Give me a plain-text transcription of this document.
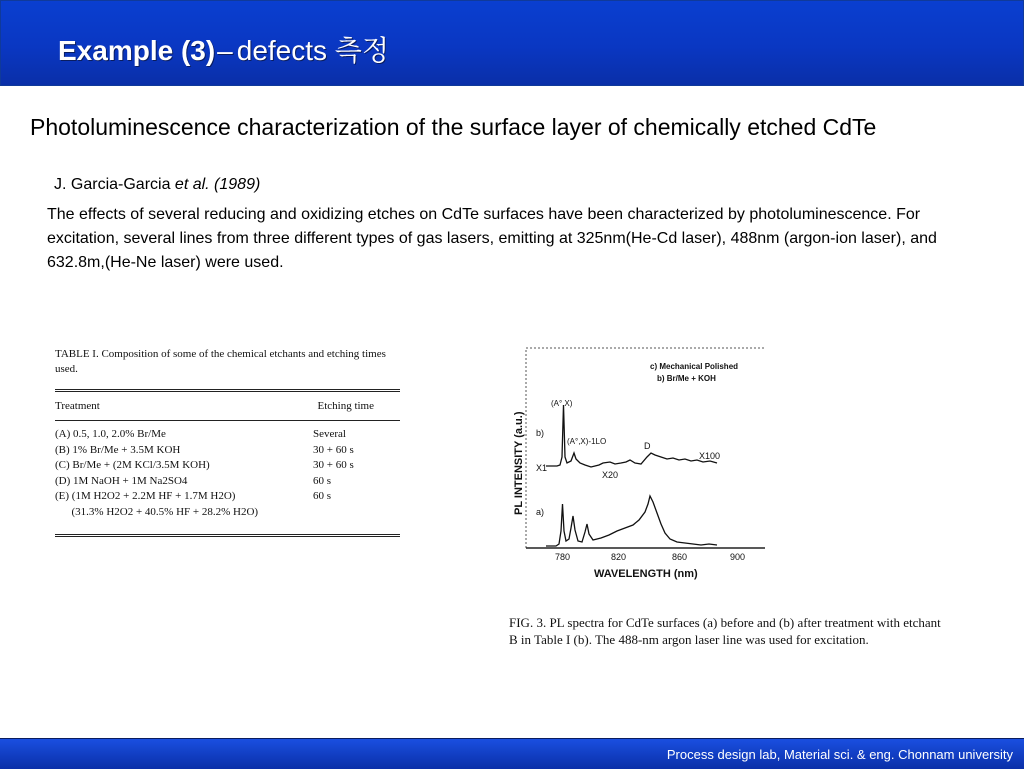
Example (3)– defects 측정
Photoluminescence characterization of the surface layer of chemically etched CdTe
J. Garcia-Garcia et al. (1989)
The effects of several reducing and oxidizing etches on CdTe surfaces have been characterized by photoluminescence. For excitation, several lines from three different types of gas lasers, emitting at 325nm(He-Cd laser), 488nm (argon-ion laser), and 632.8m,(He-Ne laser) were used.
TABLE I. Composition of some of the chemical etchants and etching times used.
Treatment	Etching time
(A) 0.5, 1.0, 2.0% Br/Me	Several
(B) 1% Br/Me + 3.5M KOH	30 + 60 s
(C) Br/Me + (2M KCl/3.5M KOH)	30 + 60 s
(D) 1M NaOH + 1M Na2SO4	60 s
(E) (1M H2O2 + 2.2M HF + 1.7M H2O)	60 s
(31.3% H2O2 + 40.5% HF + 28.2% H2O)
c) Mechanical Polished
b) Br/Me + KOH
PL INTENSITY (a.u.)
WAVELENGTH (nm)
780	820	860	900
(A°,X)
(A°,X)-1LO	D
X1
X20
X100
b)
a)
FIG. 3. PL spectra for CdTe surfaces (a) before and (b) after treatment with etchant B in Table I (b). The 488-nm argon laser line was used for excitation.
Process design lab, Material sci. & eng. Chonnam university
